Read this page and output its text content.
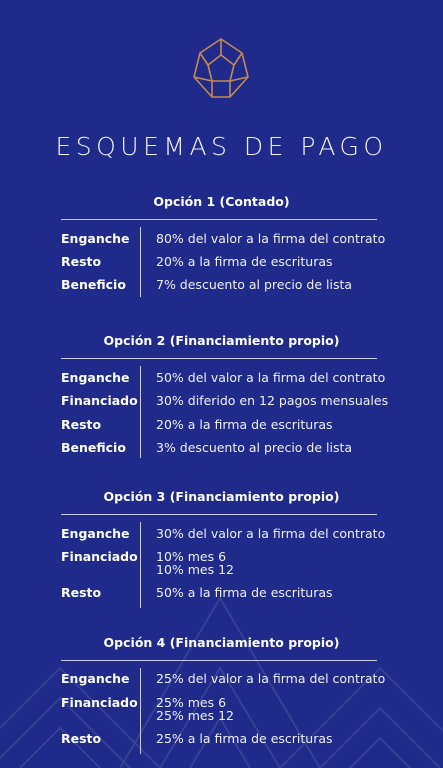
ESQUEMAS DE PAGO
Opción 1 (Contado)
Enganche 80% del valor a la firma del contrato
Resto	20% a la firma de escrituras
Beneficio 7% descuento al precio de lista
Opción 2 (Financiamiento propio)
Enganche 50% del valor a la firma del contrato
Financiado 30% diferido en 12 pagos mensuales
Resto	20% a la firma de escrituras
Beneficio 3% descuento al precio de lista
Opción 3 (Financiamiento propio)
Enganche 30% del valor a la firma del contrato
Financiado 10% mes 6
10% mes 12
Resto	50% a la firma de escrituras
Opción 4 (Financiamiento propio)
Enganche 25% del valor a la firma del contrato
Financiado 25% mes 6
25% mes 12
Resto	25% a la firma de escrituras
